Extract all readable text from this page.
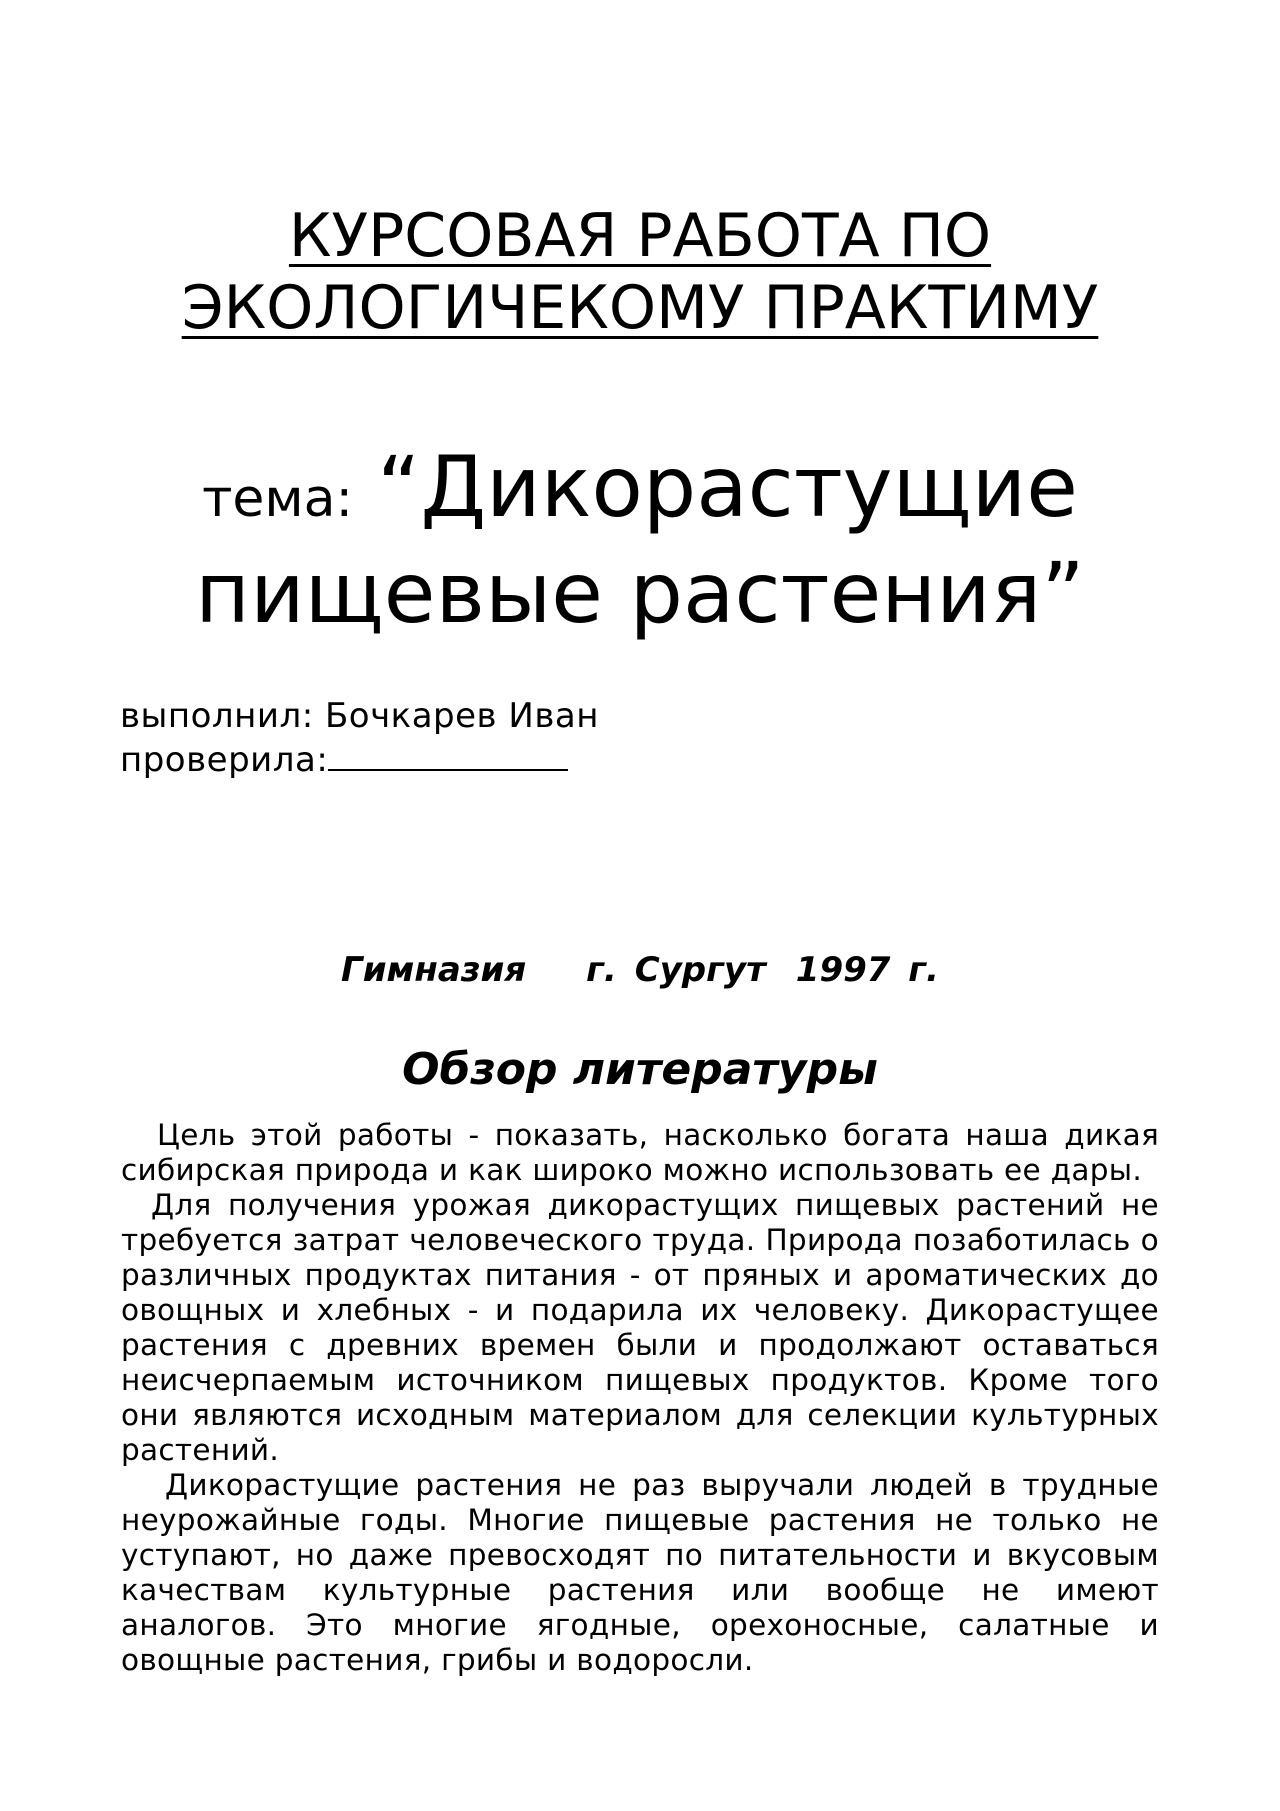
КУРСОВАЯ РАБОТА ПО
ЭКОЛОГИЧЕКОМУ ПРАКТИМУ
тема: “Дикорастущие
пищевые растения”
выполнил: Бочкарев Иван
проверила:
Гимназия г. Сургут 1997 г.
Обзор литературы

Цель этой работы - показать, насколько богата наша дикая сибирская природа и как широко можно использовать ее дары.

Для получения урожая дикорастущих пищевых растений не требуется затрат человеческого труда. Природа позаботилась о различных продуктах питания - от пряных и ароматических до овощных и хлебных - и подарила их человеку. Дикорастущее растения с древних времен были и продолжают оставаться неисчерпаемым источником пищевых продуктов. Кроме того они являются исходным материалом для селекции культурных растений.

Дикорастущие растения не раз выручали людей в трудные неурожайные годы. Многие пищевые растения не только не уступают, но даже превосходят по питательности и вкусовым качествам культурные растения или вообще не имеют аналогов. Это многие ягодные, орехоносные, салатные и овощные растения, грибы и водоросли.
